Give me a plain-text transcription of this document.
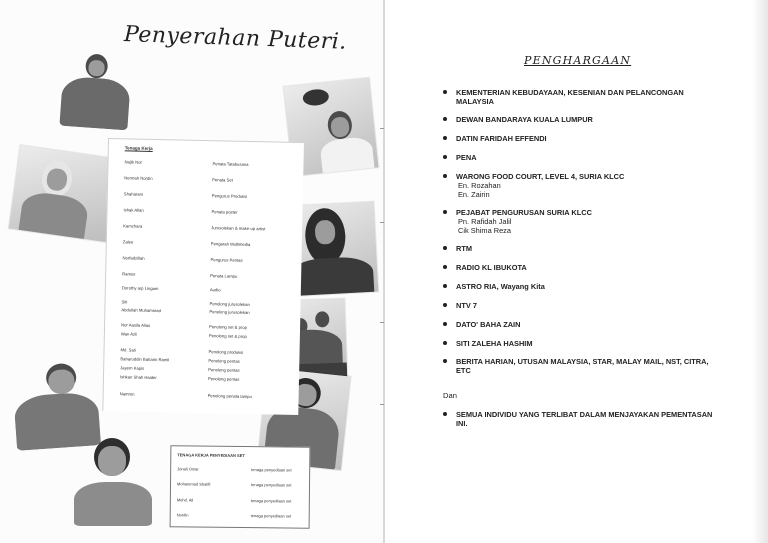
Penyerahan Puteri.
Tenaga Kerja
Najib Nor	Penata Tatabusana
Normah Nordin	Penata Set
Shaharani	Pengurus Produksi
Ishak Allan	Penata poster
Kamchara	Jurusolekan & make-up artist
Zalee	Pengarah Multimedia
Norfadzillah	Pengurus Pentas
Ramos	Penata Lampu
Dorothy a/p Lingam	Audio
Siti	Penolong jurusolekan
Abdullah Muhammad	Penolong jurusolekan
Nor Aasila Alias	Penolong set & prop
Wan Azli	Penolong set & prop
Md. Sali	Penolong produksi
Baharuddin Baharin Ramli	Penolong pentas
Jayem Kapis	Penolong pentas
Ishkan Shah Haider	Penolong pentas
Namron	Penolong penata lampu
TENAGA KERJA PENYEDIAAN SET
Jonali Omar	tenaga penyediaan set
Mohammad Shatifi	tenaga penyediaan set
Mohd. Ali	tenaga penyediaan set
Nordin	tenaga penyediaan set
PENGHARGAAN
KEMENTERIAN KEBUDAYAAN, KESENIAN DAN PELANCONGAN MALAYSIA
DEWAN BANDARAYA KUALA LUMPUR
DATIN FARIDAH EFFENDI
PENA
WARONG FOOD COURT, LEVEL 4, SURIA KLCC
En. Rozahan
En. Zairin
PEJABAT PENGURUSAN SURIA KLCC
Pn. Rafidah Jalil
Cik Shima Reza
RTM
RADIO KL IBUKOTA
ASTRO RIA, Wayang Kita
NTV 7
DATO' BAHA ZAIN
SITI ZALEHA HASHIM
BERITA HARIAN, UTUSAN MALAYSIA, STAR, MALAY MAIL, NST, CITRA, ETC
Dan
SEMUA INDIVIDU YANG TERLIBAT DALAM MENJAYAKAN PEMENTASAN INI.
